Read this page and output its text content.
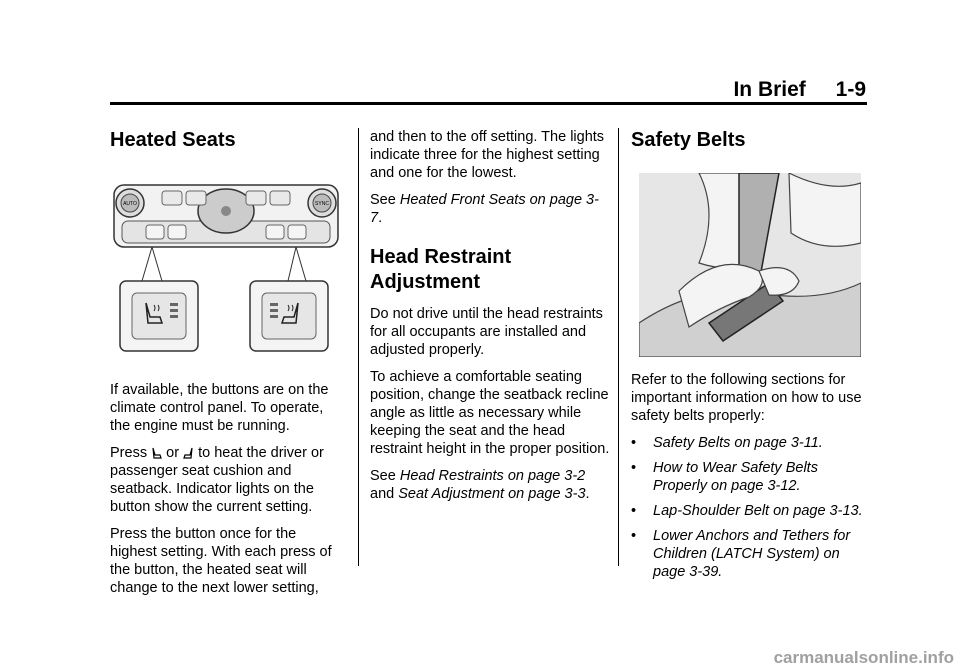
In Brief 1-9
Heated Seats
AUTO	SYNC

If available, the buttons are on the climate control panel. To operate, the engine must be running.

Press or to heat the driver or passenger seat cushion and seatback. Indicator lights on the button show the current setting.

Press the button once for the highest setting. With each press of the button, the heated seat will change to the next lower setting,

and then to the off setting. The lights indicate three for the highest setting and one for the lowest.

See Heated Front Seats on page 3-7.

Head Restraint Adjustment

Do not drive until the head restraints for all occupants are installed and adjusted properly.

To achieve a comfortable seating position, change the seatback recline angle as little as necessary while keeping the seat and the head restraint height in the proper position.

See Head Restraints on page 3-2 and Seat Adjustment on page 3-3.

Safety Belts

Refer to the following sections for important information on how to use safety belts properly:

• Safety Belts on page 3-11.
• How to Wear Safety Belts Properly on page 3-12.
• Lap-Shoulder Belt on page 3-13.
• Lower Anchors and Tethers for Children (LATCH System) on page 3-39.
carmanualsonline.info
